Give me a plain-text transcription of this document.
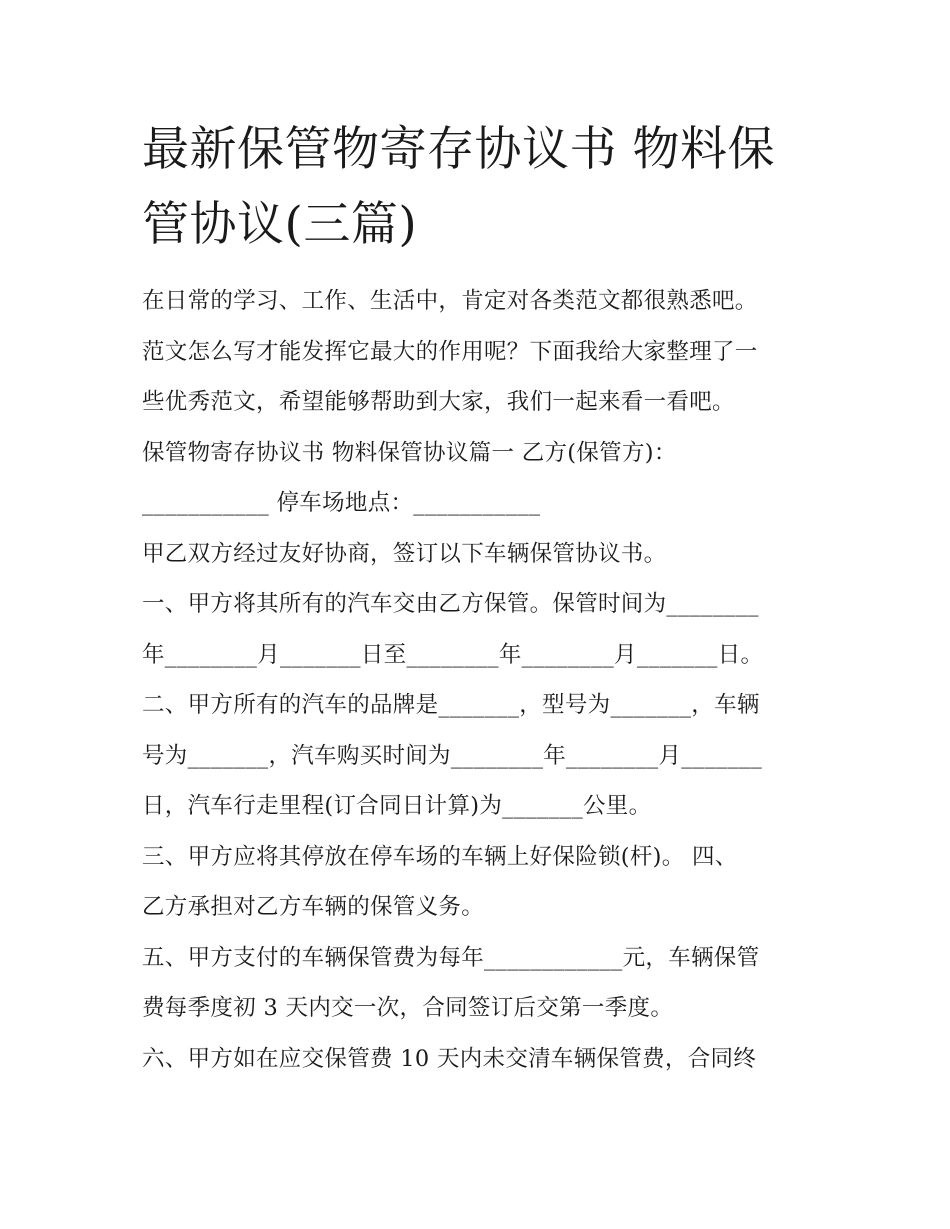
最新保管物寄存协议书 物料保
管协议(三篇)

在日常的学习、工作、生活中，肯定对各类范文都很熟悉吧。

范文怎么写才能发挥它最大的作用呢？下面我给大家整理了一

些优秀范文，希望能够帮助到大家，我们一起来看一看吧。

保管物寄存协议书 物料保管协议篇一 乙方(保管方)：

___________ 停车场地点：___________

甲乙双方经过友好协商，签订以下车辆保管协议书。

一、甲方将其所有的汽车交由乙方保管。保管时间为________

年________月_______日至________年________月_______日。

二、甲方所有的汽车的品牌是_______，型号为_______，车辆

号为_______，汽车购买时间为________年________月_______

日，汽车行走里程(订合同日计算)为_______公里。

三、甲方应将其停放在停车场的车辆上好保险锁(杆)。 四、

乙方承担对乙方车辆的保管义务。

五、甲方支付的车辆保管费为每年____________元，车辆保管

费每季度初 3 天内交一次，合同签订后交第一季度。

六、甲方如在应交保管费 10 天内未交清车辆保管费，合同终
